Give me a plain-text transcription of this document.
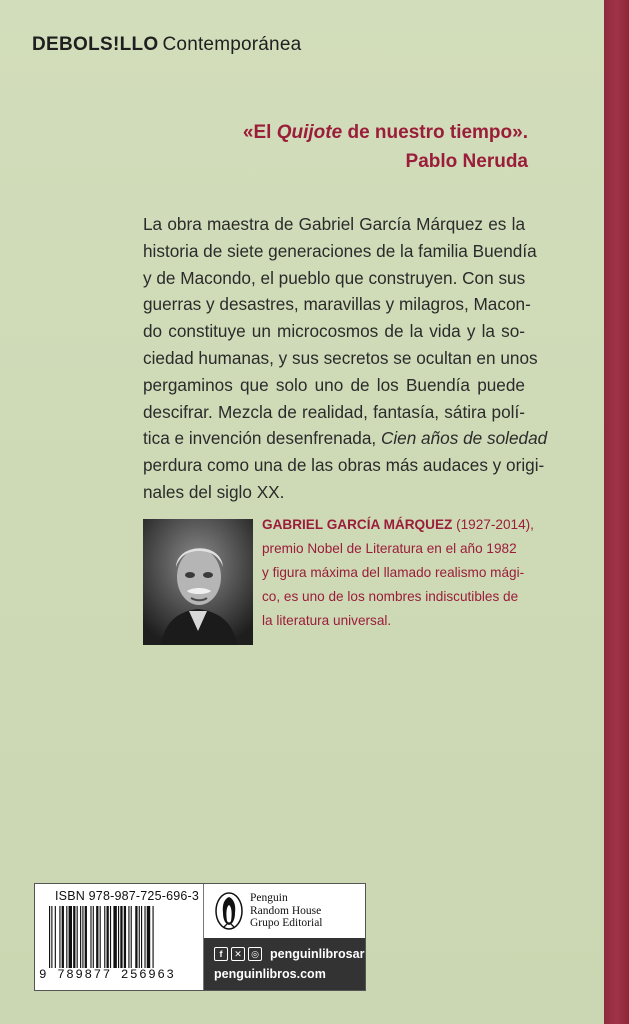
DEBOLS!LLO Contemporánea
«El Quijote de nuestro tiempo».
Pablo Neruda
La obra maestra de Gabriel García Márquez es la
historia de siete generaciones de la familia Buendía
y de Macondo, el pueblo que construyen. Con sus
guerras y desastres, maravillas y milagros, Macon-
do constituye un microcosmos de la vida y la so-
ciedad humanas, y sus secretos se ocultan en unos
pergaminos que solo uno de los Buendía puede
descifrar. Mezcla de realidad, fantasía, sátira polí-
tica e invención desenfrenada, Cien años de soledad
perdura como una de las obras más audaces y origi-
nales del siglo XX.
GABRIEL GARCÍA MÁRQUEZ (1927-2014),
premio Nobel de Literatura en el año 1982
y figura máxima del llamado realismo mági-
co, es uno de los nombres indiscutibles de
la literatura universal.
ISBN 978-987-725-696-3
9 789877 256963
Penguin
Random House
Grupo Editorial
f	✕	◎ penguinlibrosar
penguinlibros.com
